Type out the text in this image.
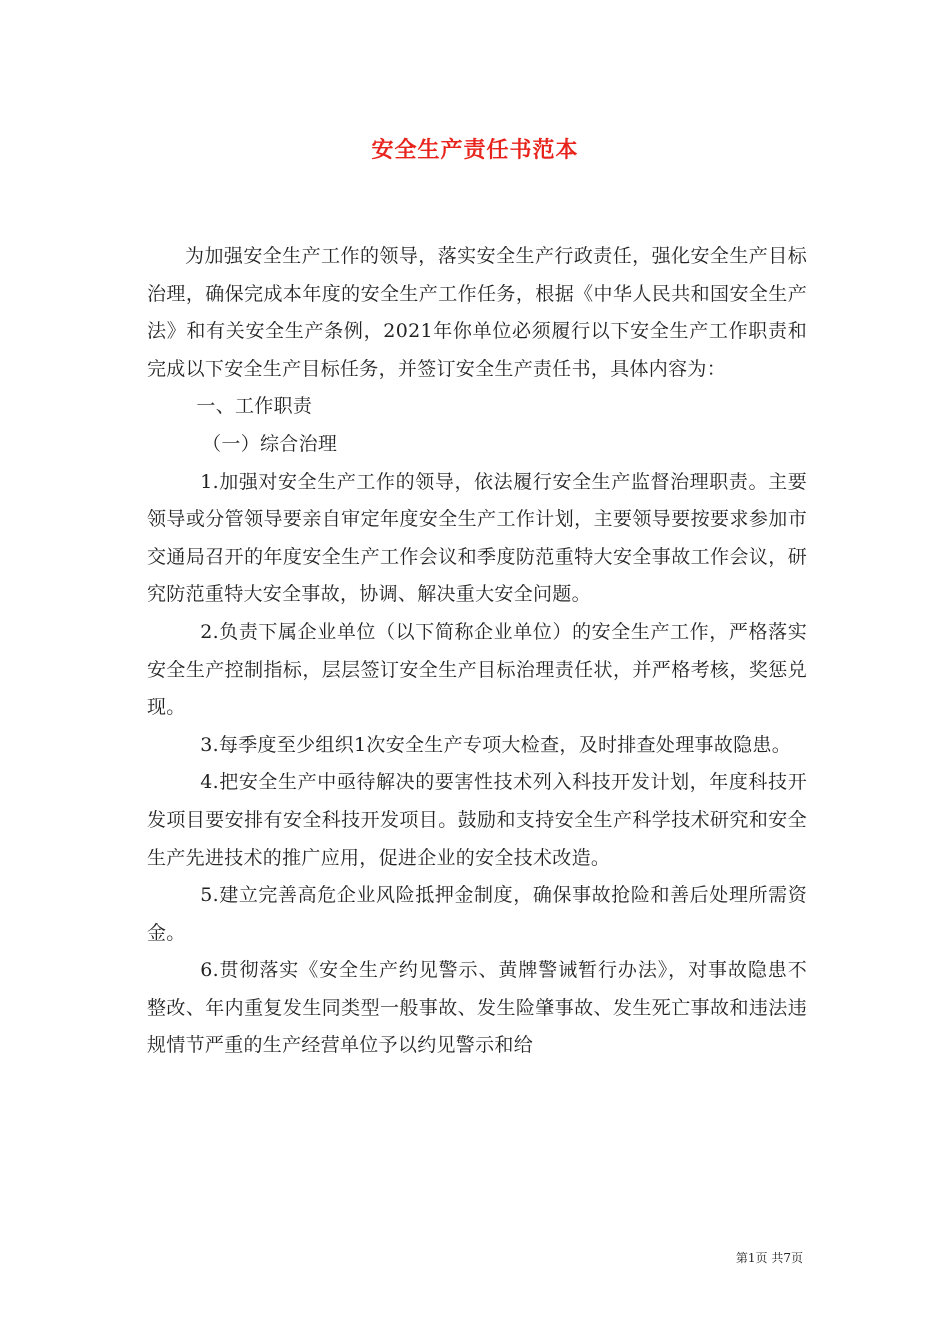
安全生产责任书范本

为加强安全生产工作的领导，落实安全生产行政责任，强化安全生产目标治理，确保完成本年度的安全生产工作任务，根据《中华人民共和国安全生产法》和有关安全生产条例，2021年你单位必须履行以下安全生产工作职责和完成以下安全生产目标任务，并签订安全生产责任书，具体内容为：

一、工作职责

（一）综合治理

1.加强对安全生产工作的领导，依法履行安全生产监督治理职责。主要领导或分管领导要亲自审定年度安全生产工作计划，主要领导要按要求参加市交通局召开的年度安全生产工作会议和季度防范重特大安全事故工作会议，研究防范重特大安全事故，协调、解决重大安全问题。

2.负责下属企业单位（以下简称企业单位）的安全生产工作，严格落实安全生产控制指标，层层签订安全生产目标治理责任状，并严格考核，奖惩兑现。

3.每季度至少组织1次安全生产专项大检查，及时排查处理事故隐患。

4.把安全生产中亟待解决的要害性技术列入科技开发计划，年度科技开发项目要安排有安全科技开发项目。鼓励和支持安全生产科学技术研究和安全生产先进技术的推广应用，促进企业的安全技术改造。

5.建立完善高危企业风险抵押金制度，确保事故抢险和善后处理所需资金。

6.贯彻落实《安全生产约见警示、黄牌警诫暂行办法》，对事故隐患不整改、年内重复发生同类型一般事故、发生险肇事故、发生死亡事故和违法违规情节严重的生产经营单位予以约见警示和给

第1页 共7页
